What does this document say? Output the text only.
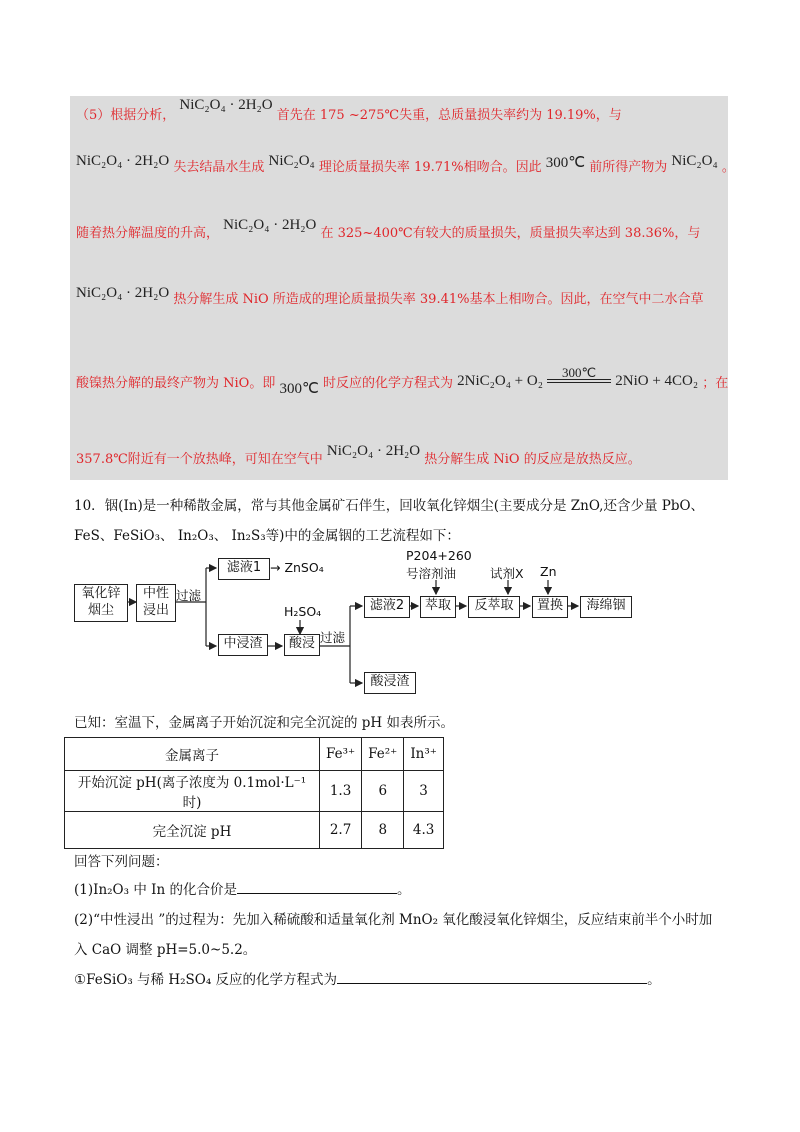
（5）根据分析， NiC₂O₄ · 2H₂O 首先在 175 ~275℃失重，总质量损失率约为 19.19%，与
NiC₂O₄ · 2H₂O 失去结晶水生成 NiC₂O₄ 理论质量损失率 19.71%相吻合。因此 300℃ 前所得产物为 NiC₂O₄ 。
随着热分解温度的升高， NiC₂O₄ · 2H₂O 在 325~400℃有较大的质量损失，质量损失率达到 38.36%，与
NiC₂O₄ · 2H₂O 热分解生成 NiO 所造成的理论质量损失率 39.41%基本上相吻合。因此，在空气中二水合草
酸镍热分解的最终产物为 NiO。即 300℃ 时反应的化学方程式为 2NiC₂O₄ + O₂
300℃
2NiO + 4CO₂ ；在
357.8℃附近有一个放热峰，可知在空气中 NiC₂O₄ · 2H₂O 热分解生成 NiO 的反应是放热反应。
10．铟(In)是一种稀散金属，常与其他金属矿石伴生，回收氧化锌烟尘(主要成分是 ZnO,还含少量 PbO、
FeS、FeSiO₃、 In₂O₃、 In₂S₃等)中的金属铟的工艺流程如下：
氧化锌
烟尘
中性
浸出
过滤
滤液1 → ZnSO₄
中浸渣
H₂SO₄
酸浸 过滤
滤液2
酸浸渣
P204+260
号溶剂油
萃取
试剂X
反萃取
Zn
置换	海绵铟
已知：室温下，金属离子开始沉淀和完全沉淀的 pH 如表所示。
金属离子	Fe³⁺	Fe²⁺	In³⁺
开始沉淀 pH(离子浓度为 0.1mol·L⁻¹时)	1.3	6	3
完全沉淀 pH	2.7	8	4.3
回答下列问题：
(1)In₂O₃ 中 In 的化合价是	。
(2)“中性浸出 ”的过程为：先加入稀硫酸和适量氧化剂 MnO₂ 氧化酸浸氧化锌烟尘，反应结束前半个小时加
入 CaO 调整 pH=5.0~5.2。
①FeSiO₃ 与稀 H₂SO₄ 反应的化学方程式为	。
